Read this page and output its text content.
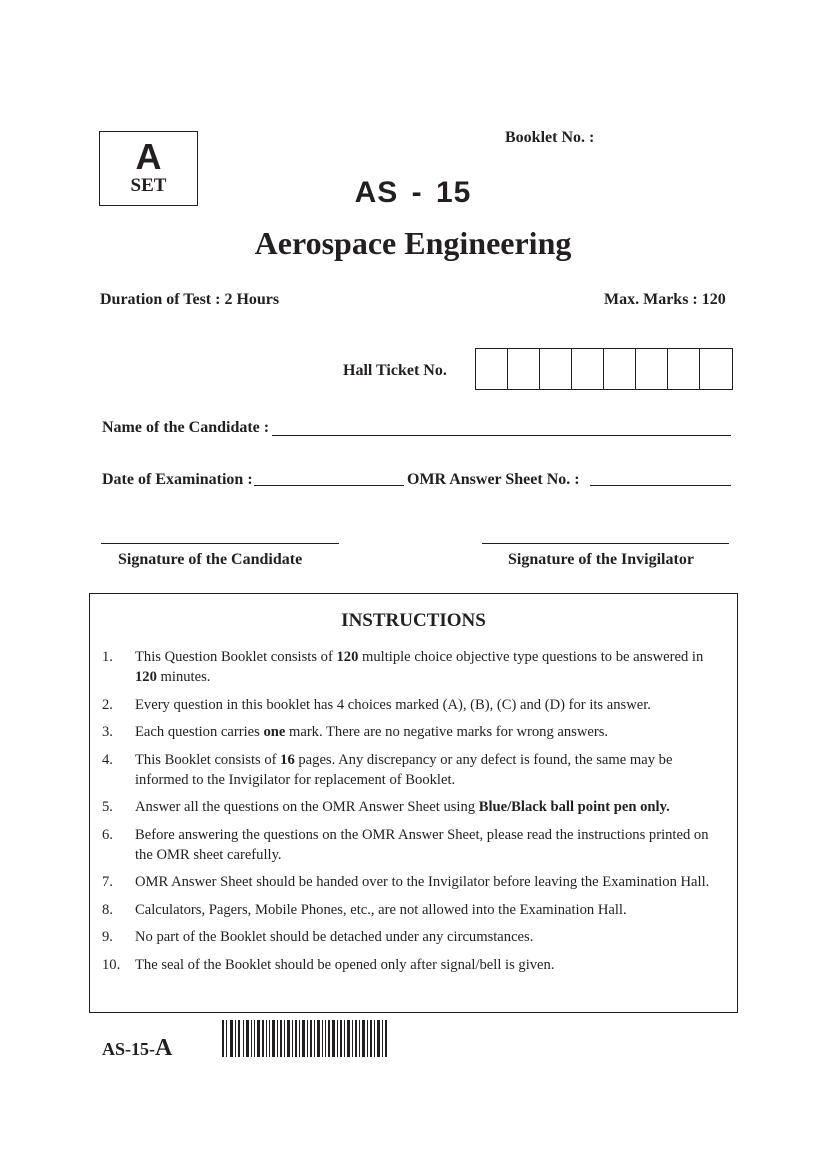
A
SET
Booklet No. :
AS - 15
Aerospace Engineering
Duration of Test : 2 Hours	Max. Marks : 120
Hall Ticket No.
Name of the Candidate :
Date of Examination :	OMR Answer Sheet No. :
Signature of the Candidate	Signature of the Invigilator
INSTRUCTIONS
1.	This Question Booklet consists of 120 multiple choice objective type questions to be answered in 120 minutes.
2.	Every question in this booklet has 4 choices marked (A), (B), (C) and (D) for its answer.
3.	Each question carries one mark. There are no negative marks for wrong answers.
4.	This Booklet consists of 16 pages. Any discrepancy or any defect is found, the same may be informed to the Invigilator for replacement of Booklet.
5.	Answer all the questions on the OMR Answer Sheet using Blue/Black ball point pen only.
6.	Before answering the questions on the OMR Answer Sheet, please read the instructions printed on the OMR sheet carefully.
7.	OMR Answer Sheet should be handed over to the Invigilator before leaving the Examination Hall.
8.	Calculators, Pagers, Mobile Phones, etc., are not allowed into the Examination Hall.
9.	No part of the Booklet should be detached under any circumstances.
10.	The seal of the Booklet should be opened only after signal/bell is given.
AS-15-A
